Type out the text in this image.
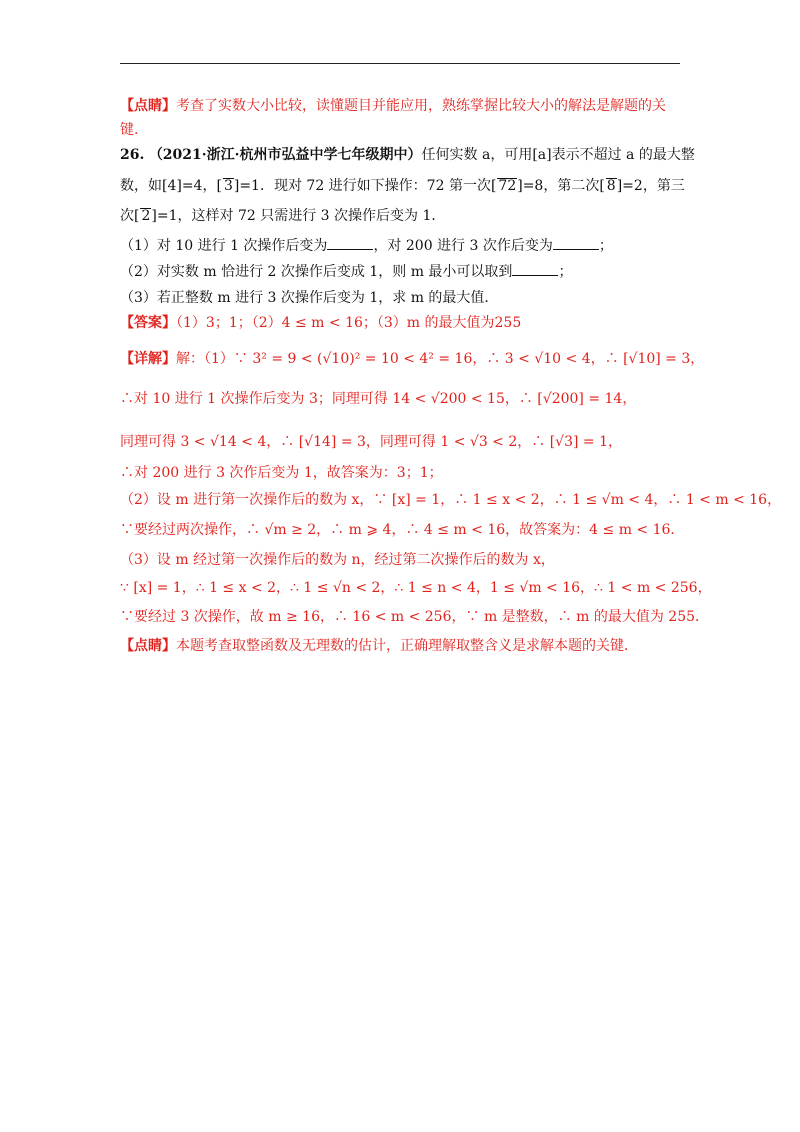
【点睛】考查了实数大小比较，读懂题目并能应用，熟练掌握比较大小的解法是解题的关
键.
26. （2021·浙江·杭州市弘益中学七年级期中）任何实数 a，可用[a]表示不超过 a 的最大整
数，如[4]=4，[ 3]=1．现对 72 进行如下操作：72 第一次[ 72]=8，第二次[ 8]=2，第三
次[ 2]=1，这样对 72 只需进行 3 次操作后变为 1．
（1）对 10 进行 1 次操作后变为	，对 200 进行 3 次作后变为	；
（2）对实数 m 恰进行 2 次操作后变成 1，则 m 最小可以取到	；
（3）若正整数 m 进行 3 次操作后变为 1，求 m 的最大值．
【答案】（1）3；1；（2）4 ≤ m < 16；（3）m 的最大值为255
【详解】解：（1）∵ 3² = 9 < (√10)² = 10 < 4² = 16，∴ 3 < √10 < 4，∴ [√10] = 3，
∴对 10 进行 1 次操作后变为 3；同理可得 14 < √200 < 15，∴ [√200] = 14，
同理可得 3 < √14 < 4，∴ [√14] = 3，同理可得 1 < √3 < 2，∴ [√3] = 1，
∴对 200 进行 3 次作后变为 1，故答案为：3；1；
（2）设 m 进行第一次操作后的数为 x，∵ [x] = 1，∴ 1 ≤ x < 2，∴ 1 ≤ √m < 4，∴ 1 < m < 16，
∵要经过两次操作，∴ √m ≥ 2，∴ m ⩾ 4，∴ 4 ≤ m < 16，故答案为：4 ≤ m < 16．
（3）设 m 经过第一次操作后的数为 n，经过第二次操作后的数为 x，
∵ [x] = 1，∴ 1 ≤ x < 2，∴ 1 ≤ √n < 2，∴ 1 ≤ n < 4，1 ≤ √m < 16，∴ 1 < m < 256，
∵要经过 3 次操作，故 m ≥ 16，∴ 16 < m < 256，∵ m 是整数，∴ m 的最大值为 255．
【点睛】本题考查取整函数及无理数的估计，正确理解取整含义是求解本题的关键．
